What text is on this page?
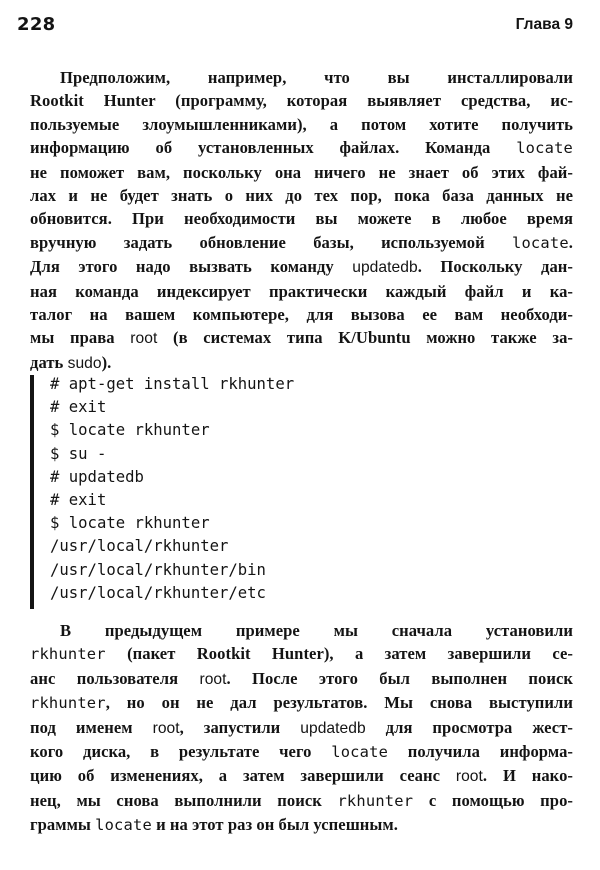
228	Глава 9

Предположим, например, что вы инсталлировали
Rootkit Hunter (программу, которая выявляет средства, ис-
пользуемые злоумышленниками), а потом хотите получить
информацию об установленных файлах. Команда locate
не поможет вам, поскольку она ничего не знает об этих фай-
лах и не будет знать о них до тех пор, пока база данных не
обновится. При необходимости вы можете в любое время
вручную задать обновление базы, используемой locate.
Для этого надо вызвать команду updatedb. Поскольку дан-
ная команда индексирует практически каждый файл и ка-
талог на вашем компьютере, для вызова ее вам необходи-
мы права root (в системах типа K/Ubuntu можно также за-
дать sudo).

# apt-get install rkhunter
# exit
$ locate rkhunter
$ su -
# updatedb
# exit
$ locate rkhunter
/usr/local/rkhunter
/usr/local/rkhunter/bin
/usr/local/rkhunter/etc

В предыдущем примере мы сначала установили
rkhunter (пакет Rootkit Hunter), а затем завершили се-
анс пользователя root. После этого был выполнен поиск
rkhunter, но он не дал результатов. Мы снова выступили
под именем root, запустили updatedb для просмотра жест-
кого диска, в результате чего locate получила информа-
цию об изменениях, а затем завершили сеанс root. И нако-
нец, мы снова выполнили поиск rkhunter с помощью про-
граммы locate и на этот раз он был успешным.
